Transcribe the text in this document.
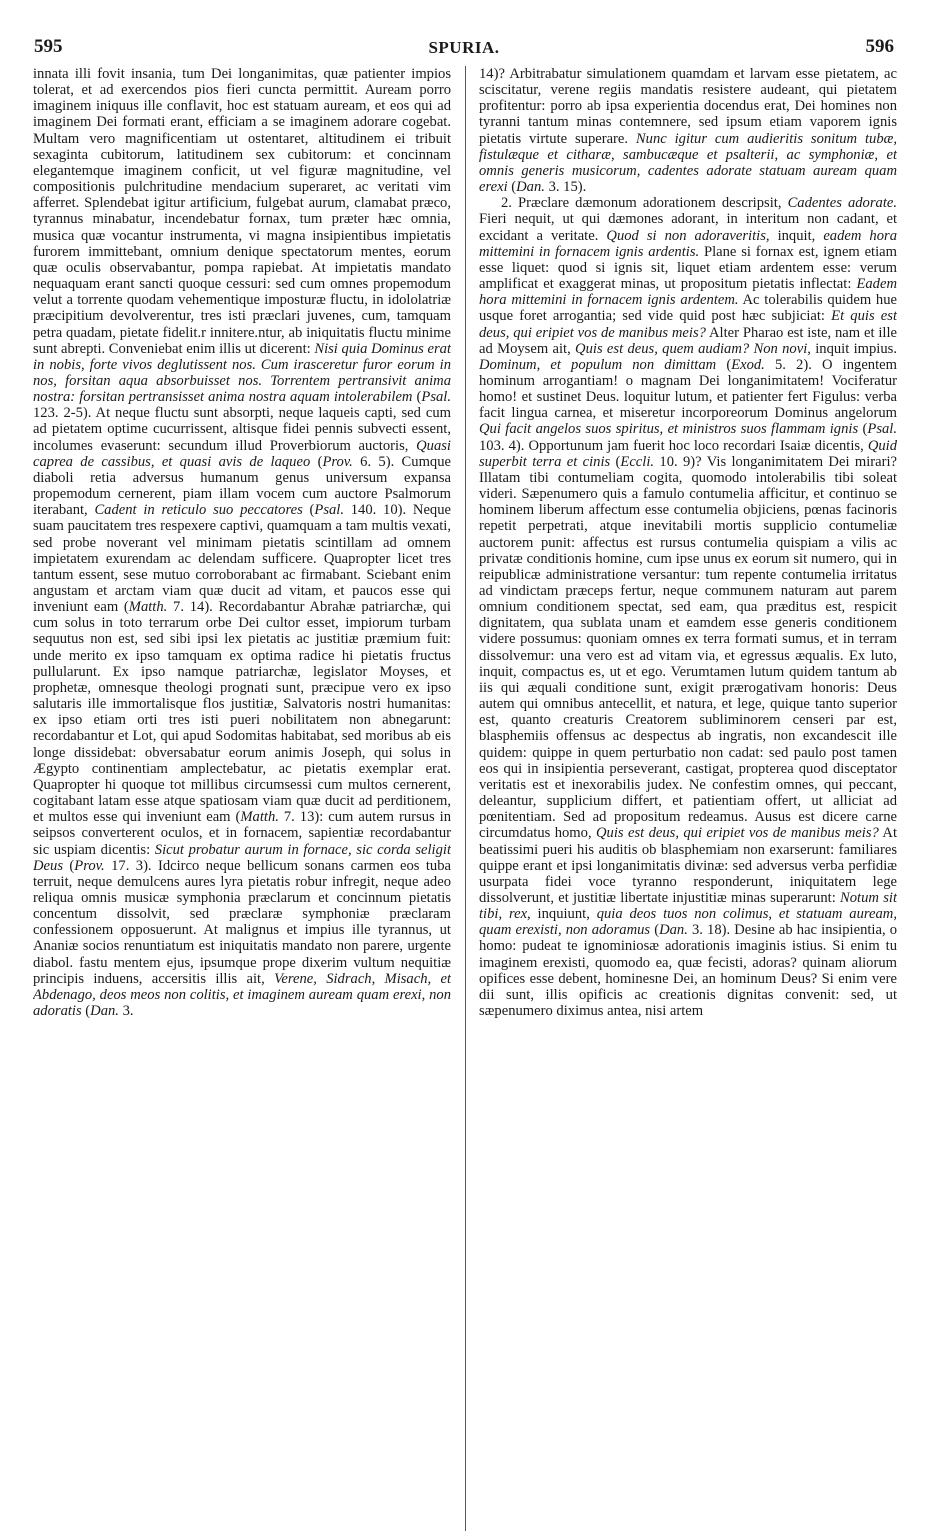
595	SPURIA.	596

innata illi fovit insania, tum Dei longanimitas, quæ patienter impios tolerat, et ad exercendos pios fieri cuncta permittit. Auream porro imaginem iniquus ille conflavit, hoc est statuam auream, et eos qui ad imaginem Dei formati erant, efficiam a se imaginem adorare cogebat. Multam vero magnificentiam ut ostentaret, altitudinem ei tribuit sexaginta cubitorum, latitudinem sex cubitorum: et concinnam elegantemque imaginem conficit, ut vel figuræ magnitudine, vel compositionis pulchritudine mendacium superaret, ac veritati vim afferret. Splendebat igitur artificium, fulgebat aurum, clamabat præco, tyrannus minabatur, incendebatur fornax, tum præter hæc omnia, musica quæ vocantur instrumenta, vi magna insipientibus impietatis furorem immittebant, omnium denique spectatorum mentes, eorum quæ oculis observabantur, pompa rapiebat. At impietatis mandato nequaquam erant sancti quoque cessuri: sed cum omnes propemodum velut a torrente quodam vehementique imposturæ fluctu, in idololatriæ præcipitium devolverentur, tres isti præclari juvenes, cum, tamquam petra quadam, pietate fidelit.r innitere.ntur, ab iniquitatis fluctu minime sunt abrepti. Conveniebat enim illis ut dicerent: Nisi quia Dominus erat in nobis, forte vivos deglutissent nos. Cum irasceretur furor eorum in nos, forsitan aqua absorbuisset nos. Torrentem pertransivit anima nostra: forsitan pertransisset anima nostra aquam intolerabilem (Psal. 123. 2-5). At neque fluctu sunt absorpti, neque laqueis capti, sed cum ad pietatem optime cucurrissent, altisque fidei pennis subvecti essent, incolumes evaserunt: secundum illud Proverbiorum auctoris, Quasi caprea de cassibus, et quasi avis de laqueo (Prov. 6. 5). Cumque diaboli retia adversus humanum genus universum expansa propemodum cernerent, piam illam vocem cum auctore Psalmorum iterabant, Cadent in reticulo suo peccatores (Psal. 140. 10). Neque suam paucitatem tres respexere captivi, quamquam a tam multis vexati, sed probe noverant vel minimam pietatis scintillam ad omnem impietatem exurendam ac delendam sufficere. Quapropter licet tres tantum essent, sese mutuo corroborabant ac firmabant. Sciebant enim angustam et arctam viam quæ ducit ad vitam, et paucos esse qui inveniunt eam (Matth. 7. 14). Recordabantur Abrahæ patriarchæ, qui cum solus in toto terrarum orbe Dei cultor esset, impiorum turbam sequutus non est, sed sibi ipsi lex pietatis ac justitiæ præmium fuit: unde merito ex ipso tamquam ex optima radice hi pietatis fructus pullularunt. Ex ipso namque patriarchæ, legislator Moyses, et prophetæ, omnesque theologi prognati sunt, præcipue vero ex ipso salutaris ille immortalisque flos justitiæ, Salvatoris nostri humanitas: ex ipso etiam orti tres isti pueri nobilitatem non abnegarunt: recordabantur et Lot, qui apud Sodomitas habitabat, sed moribus ab eis longe dissidebat: obversabatur eorum animis Joseph, qui solus in Ægypto continentiam amplectebatur, ac pietatis exemplar erat. Quapropter hi quoque tot millibus circumsessi cum multos cernerent, cogitabant latam esse atque spatiosam viam quæ ducit ad perditionem, et multos esse qui inveniunt eam (Matth. 7. 13): cum autem rursus in seipsos converterent oculos, et in fornacem, sapientiæ recordabantur sic uspiam dicentis: Sicut probatur aurum in fornace, sic corda seligit Deus (Prov. 17. 3). Idcirco neque bellicum sonans carmen eos tuba terruit, neque demulcens aures lyra pietatis robur infregit, neque adeo reliqua omnis musicæ symphonia præclarum et concinnum pietatis concentum dissolvit, sed præclaræ symphoniæ præclaram confessionem opposuerunt. At malignus et impius ille tyrannus, ut Ananiæ socios renuntiatum est iniquitatis mandato non parere, urgente diabol. fastu mentem ejus, ipsumque prope dixerim vultum nequitiæ principis induens, accersitis illis ait, Verene, Sidrach, Misach, et Abdenago, deos meos non colitis, et imaginem auream quam erexi, non adoratis (Dan. 3.

14)? Arbitrabatur simulationem quamdam et larvam esse pietatem, ac sciscitatur, verene regiis mandatis resistere audeant, qui pietatem profitentur: porro ab ipsa experientia docendus erat, Dei homines non tyranni tantum minas contemnere, sed ipsum etiam vaporem ignis pietatis virtute superare. Nunc igitur cum audieritis sonitum tubæ, fistulæque et citharæ, sambucæque et psalterii, ac symphoniæ, et omnis generis musicorum, cadentes adorate statuam auream quam erexi (Dan. 3. 15).

2. Præclare dæmonum adorationem descripsit, Cadentes adorate. Fieri nequit, ut qui dæmones adorant, in interitum non cadant, et excidant a veritate. Quod si non adoraveritis, inquit, eadem hora mittemini in fornacem ignis ardentis. Plane si fornax est, ignem etiam esse liquet: quod si ignis sit, liquet etiam ardentem esse: verum amplificat et exaggerat minas, ut propositum pietatis inflectat: Eadem hora mittemini in fornacem ignis ardentem. Ac tolerabilis quidem hue usque foret arrogantia; sed vide quid post hæc subjiciat: Et quis est deus, qui eripiet vos de manibus meis? Alter Pharao est iste, nam et ille ad Moysem ait, Quis est deus, quem audiam? Non novi, inquit impius. Dominum, et populum non dimittam (Exod. 5. 2). O ingentem hominum arrogantiam! o magnam Dei longanimitatem! Vociferatur homo! et sustinet Deus. loquitur lutum, et patienter fert Figulus: verba facit lingua carnea, et miseretur incorporeorum Dominus angelorum Qui facit angelos suos spiritus, et ministros suos flammam ignis (Psal. 103. 4). Opportunum jam fuerit hoc loco recordari Isaiæ dicentis, Quid superbit terra et cinis (Eccli. 10. 9)? Vis longanimitatem Dei mirari? Illatam tibi contumeliam cogita, quomodo intolerabilis tibi soleat videri. Sæpenumero quis a famulo contumelia afficitur, et continuo se hominem liberum affectum esse contumelia objiciens, pœnas facinoris repetit perpetrati, atque inevitabili mortis supplicio contumeliæ auctorem punit: affectus est rursus contumelia quispiam a vilis ac privatæ conditionis homine, cum ipse unus ex eorum sit numero, qui in reipublicæ administratione versantur: tum repente contumelia irritatus ad vindictam præceps fertur, neque communem naturam aut parem omnium conditionem spectat, sed eam, qua præditus est, respicit dignitatem, qua sublata unam et eamdem esse generis conditionem videre possumus: quoniam omnes ex terra formati sumus, et in terram dissolvemur: una vero est ad vitam via, et egressus æqualis. Ex luto, inquit, compactus es, ut et ego. Verumtamen lutum quidem tantum ab iis qui æquali conditione sunt, exigit prærogativam honoris: Deus autem qui omnibus antecellit, et natura, et lege, quique tanto superior est, quanto creaturis Creatorem subliminorem censeri par est, blasphemiis offensus ac despectus ab ingratis, non excandescit ille quidem: quippe in quem perturbatio non cadat: sed paulo post tamen eos qui in insipientia perseverant, castigat, propterea quod disceptator veritatis est et inexorabilis judex. Ne confestim omnes, qui peccant, deleantur, supplicium differt, et patientiam offert, ut alliciat ad pœnitentiam. Sed ad propositum redeamus. Ausus est dicere carne circumdatus homo, Quis est deus, qui eripiet vos de manibus meis? At beatissimi pueri his auditis ob blasphemiam non exarserunt: familiares quippe erant et ipsi longanimitatis divinæ: sed adversus verba perfidiæ usurpata fidei voce tyranno responderunt, iniquitatem lege dissolverunt, et justitiæ libertate injustitiæ minas superarunt: Notum sit tibi, rex, inquiunt, quia deos tuos non colimus, et statuam auream, quam erexisti, non adoramus (Dan. 3. 18). Desine ab hac insipientia, o homo: pudeat te ignominiosæ adorationis imaginis istius. Si enim tu imaginem erexisti, quomodo ea, quæ fecisti, adoras? quinam aliorum opifices esse debent, hominesne Dei, an hominum Deus? Si enim vere dii sunt, illis opificis ac creationis dignitas convenit: sed, ut sæpenumero diximus antea, nisi artem
